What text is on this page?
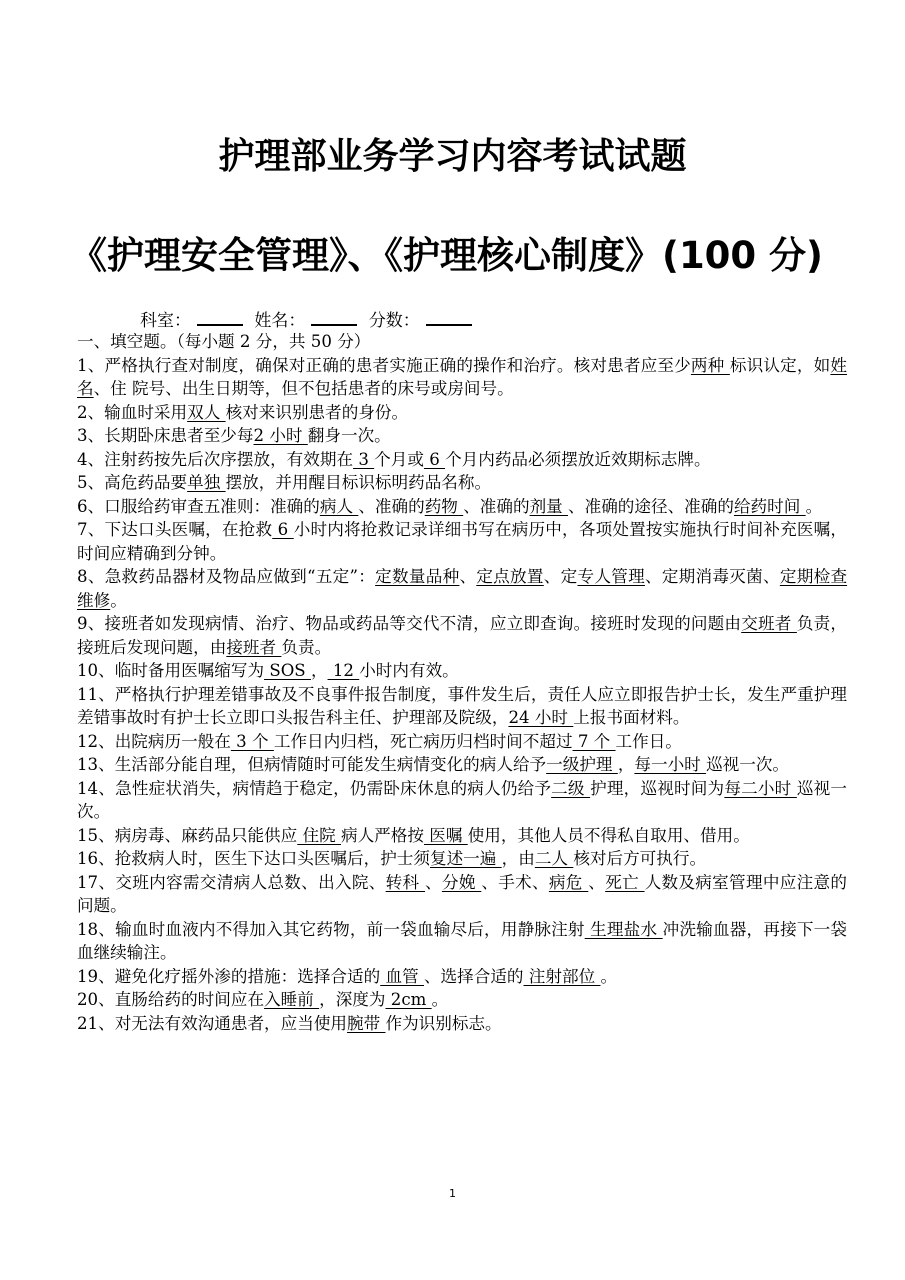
护理部业务学习内容考试试题
《护理安全管理》、《护理核心制度》(100 分)
科室：	姓名：	分数：

一、填空题。（每小题 2 分，共 50 分）

1、严格执行查对制度，确保对正确的患者实施正确的操作和治疗。核对患者应至少两种 标识认定，如姓 名、住 院号、出生日期等，但不包括患者的床号或房间号。

2、输血时采用双人 核对来识别患者的身份。

3、长期卧床患者至少每2 小时 翻身一次。

4、注射药按先后次序摆放，有效期在 3 个月或 6 个月内药品必须摆放近效期标志牌。

5、高危药品要单独 摆放，并用醒目标识标明药品名称。

6、口服给药审查五准则：准确的病人 、准确的药物 、准确的剂量 、准确的途径、准确的给药时间 。

7、下达口头医嘱，在抢救 6 小时内将抢救记录详细书写在病历中，各项处置按实施执行时间补充医嘱，时间应精确到分钟。

8、急救药品器材及物品应做到“五定”：定数量品种、定点放置、定专人管理、定期消毒灭菌、定期检查维修。

9、接班者如发现病情、治疗、物品或药品等交代不清，应立即查询。接班时发现的问题由交班者 负责，接班后发现问题，由接班者 负责。

10、临时备用医嘱缩写为 SOS ， 12 小时内有效。

11、严格执行护理差错事故及不良事件报告制度，事件发生后，责任人应立即报告护士长，发生严重护理差错事故时有护士长立即口头报告科主任、护理部及院级，24 小时 上报书面材料。

12、出院病历一般在 3 个 工作日内归档，死亡病历归档时间不超过 7 个 工作日。

13、生活部分能自理，但病情随时可能发生病情变化的病人给予一级护理 ，每一小时 巡视一次。

14、急性症状消失，病情趋于稳定，仍需卧床休息的病人仍给予二级 护理，巡视时间为每二小时 巡视一次。

15、病房毒、麻药品只能供应 住院 病人严格按 医嘱 使用，其他人员不得私自取用、借用。

16、抢救病人时，医生下达口头医嘱后，护士须复述一遍 ，由二人 核对后方可执行。

17、交班内容需交清病人总数、出入院、转科 、分娩 、手术、病危 、死亡 人数及病室管理中应注意的问题。

18、输血时血液内不得加入其它药物，前一袋血输尽后，用静脉注射 生理盐水 冲洗输血器，再接下一袋血继续输注。

19、避免化疗摇外渗的措施：选择合适的 血管 、选择合适的 注射部位 。

20、直肠给药的时间应在入睡前 ，深度为 2cm 。

21、对无法有效沟通患者，应当使用腕带 作为识别标志。

1
